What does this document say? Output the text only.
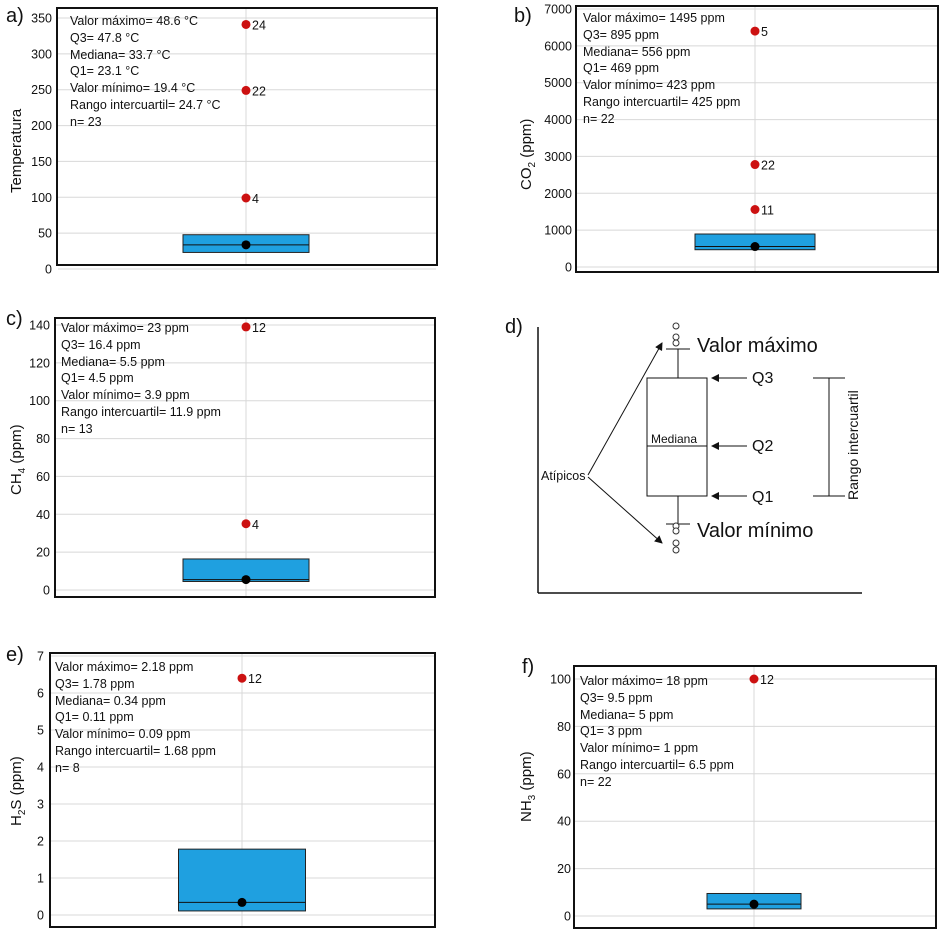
a)
Temperatura
0
50
100
150
200
250
300
350	24
22
4
Valor máximo= 48.6 °C
Q3= 47.8 °C
Mediana= 33.7 °C
Q1= 23.1 °C
Valor mínimo= 19.4 °C
Rango intercuartil= 24.7 °C
n= 23
b)
$CO_2$ (ppm)
0
1000
2000
3000
4000
5000
6000
7000
5
22
11
Valor máximo= 1495 ppm
Q3= 895 ppm
Mediana= 556 ppm
Q1= 469 ppm
Valor mínimo= 423 ppm
Rango intercuartil= 425 ppm
n= 22
c)
$CH_4$ (ppm)
0
20
40
60
80
100
120
140	12
4
Valor máximo= 23 ppm
Q3= 16.4 ppm
Mediana= 5.5 ppm
Q1= 4.5 ppm
Valor mínimo= 3.9 ppm
Rango intercuartil= 11.9 ppm
n= 13
e)
$H_2S$ (ppm)
0
1
2
3
4
5
6
7
12
Valor máximo= 2.18 ppm
Q3= 1.78 ppm
Mediana= 0.34 ppm
Q1= 0.11 ppm
Valor mínimo= 0.09 ppm
Rango intercuartil= 1.68 ppm
n= 8
f)
$NH_3$ (ppm)
0
20
40
60
80
100	12
Valor máximo= 18 ppm
Q3= 9.5 ppm
Mediana= 5 ppm
Q1= 3 ppm
Valor mínimo= 1 ppm
Rango intercuartil= 6.5 ppm
n= 22
d)
Valor máximo
Valor mínimo
Q3
Q2
Q1
Mediana
Atípicos	Rango intercuartil
